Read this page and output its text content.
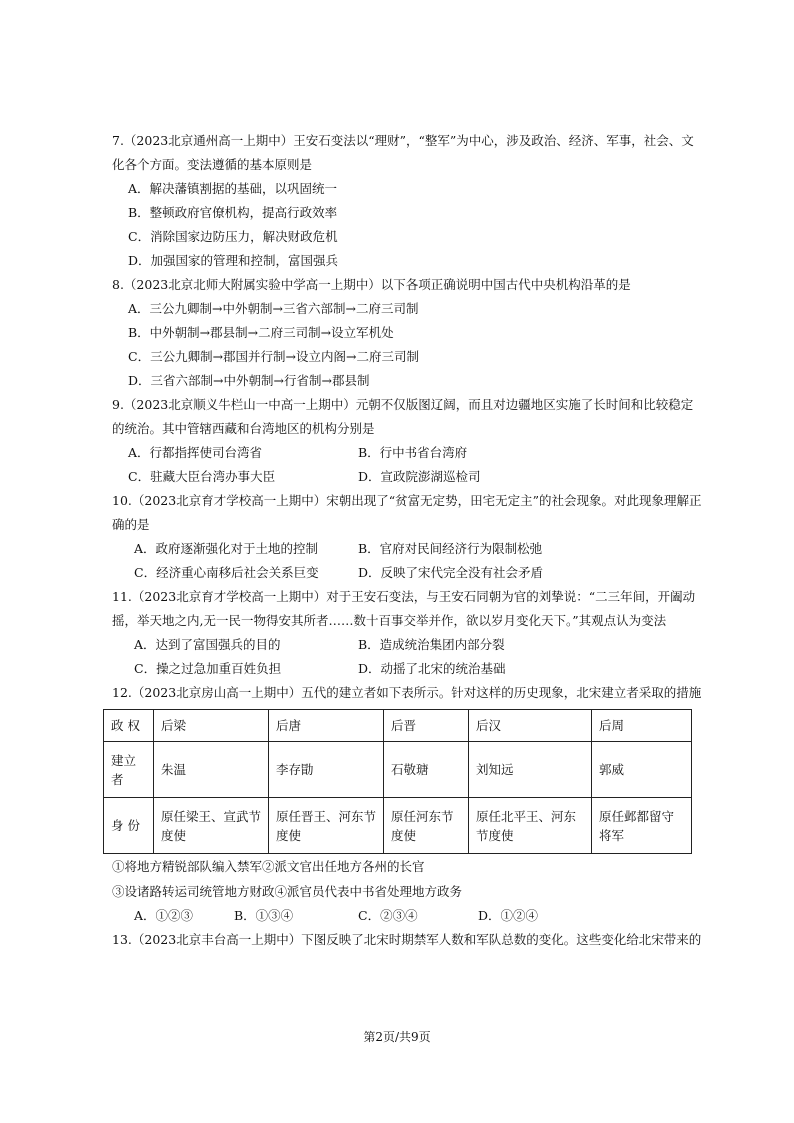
7.（2023北京通州高一上期中）王安石变法以“理财”，“整军”为中心，涉及政治、经济、军事，社会、文
化各个方面。变法遵循的基本原则是
A．解决藩镇割据的基础，以巩固统一
B．整顿政府官僚机构，提高行政效率
C．消除国家边防压力，解决财政危机
D．加强国家的管理和控制，富国强兵
8.（2023北京北师大附属实验中学高一上期中）以下各项正确说明中国古代中央机构沿革的是
A．三公九卿制→中外朝制→三省六部制→二府三司制
B．中外朝制→郡县制→二府三司制→设立军机处
C．三公九卿制→郡国并行制→设立内阁→二府三司制
D．三省六部制→中外朝制→行省制→郡县制
9.（2023北京顺义牛栏山一中高一上期中）元朝不仅版图辽阔，而且对边疆地区实施了长时间和比较稳定
的统治。其中管辖西藏和台湾地区的机构分别是
A．行都指挥使司台湾省	B．行中书省台湾府
C．驻藏大臣台湾办事大臣	D．宣政院澎湖巡检司
10.（2023北京育才学校高一上期中）宋朝出现了“贫富无定势，田宅无定主”的社会现象。对此现象理解正
确的是
A．政府逐渐强化对于土地的控制	B．官府对民间经济行为限制松弛
C．经济重心南移后社会关系巨变	D．反映了宋代完全没有社会矛盾
11.（2023北京育才学校高一上期中）对于王安石变法，与王安石同朝为官的刘挚说：“二三年间，开阖动
摇，举天地之内,无一民一物得安其所者……数十百事交举并作，欲以岁月变化天下。”其观点认为变法
A．达到了富国强兵的目的	B．造成统治集团内部分裂
C．操之过急加重百姓负担	D．动摇了北宋的统治基础
12.（2023北京房山高一上期中）五代的建立者如下表所示。针对这样的历史现象，北宋建立者采取的措施
政 权	后梁	后唐	后晋	后汉	后周
建立者	朱温	李存勖	石敬瑭	刘知远	郭威
身 份	原任梁王、宣武节度使	原任晋王、河东节度使	原任河东节度使	原任北平王、河东节度使	原任邺都留守将军
①将地方精锐部队编入禁军②派文官出任地方各州的长官
③设诸路转运司统管地方财政④派官员代表中书省处理地方政务
A．①②③	B．①③④	C．②③④	D．①②④
13.（2023北京丰台高一上期中）下图反映了北宋时期禁军人数和军队总数的变化。这些变化给北宋带来的
第2页/共9页
